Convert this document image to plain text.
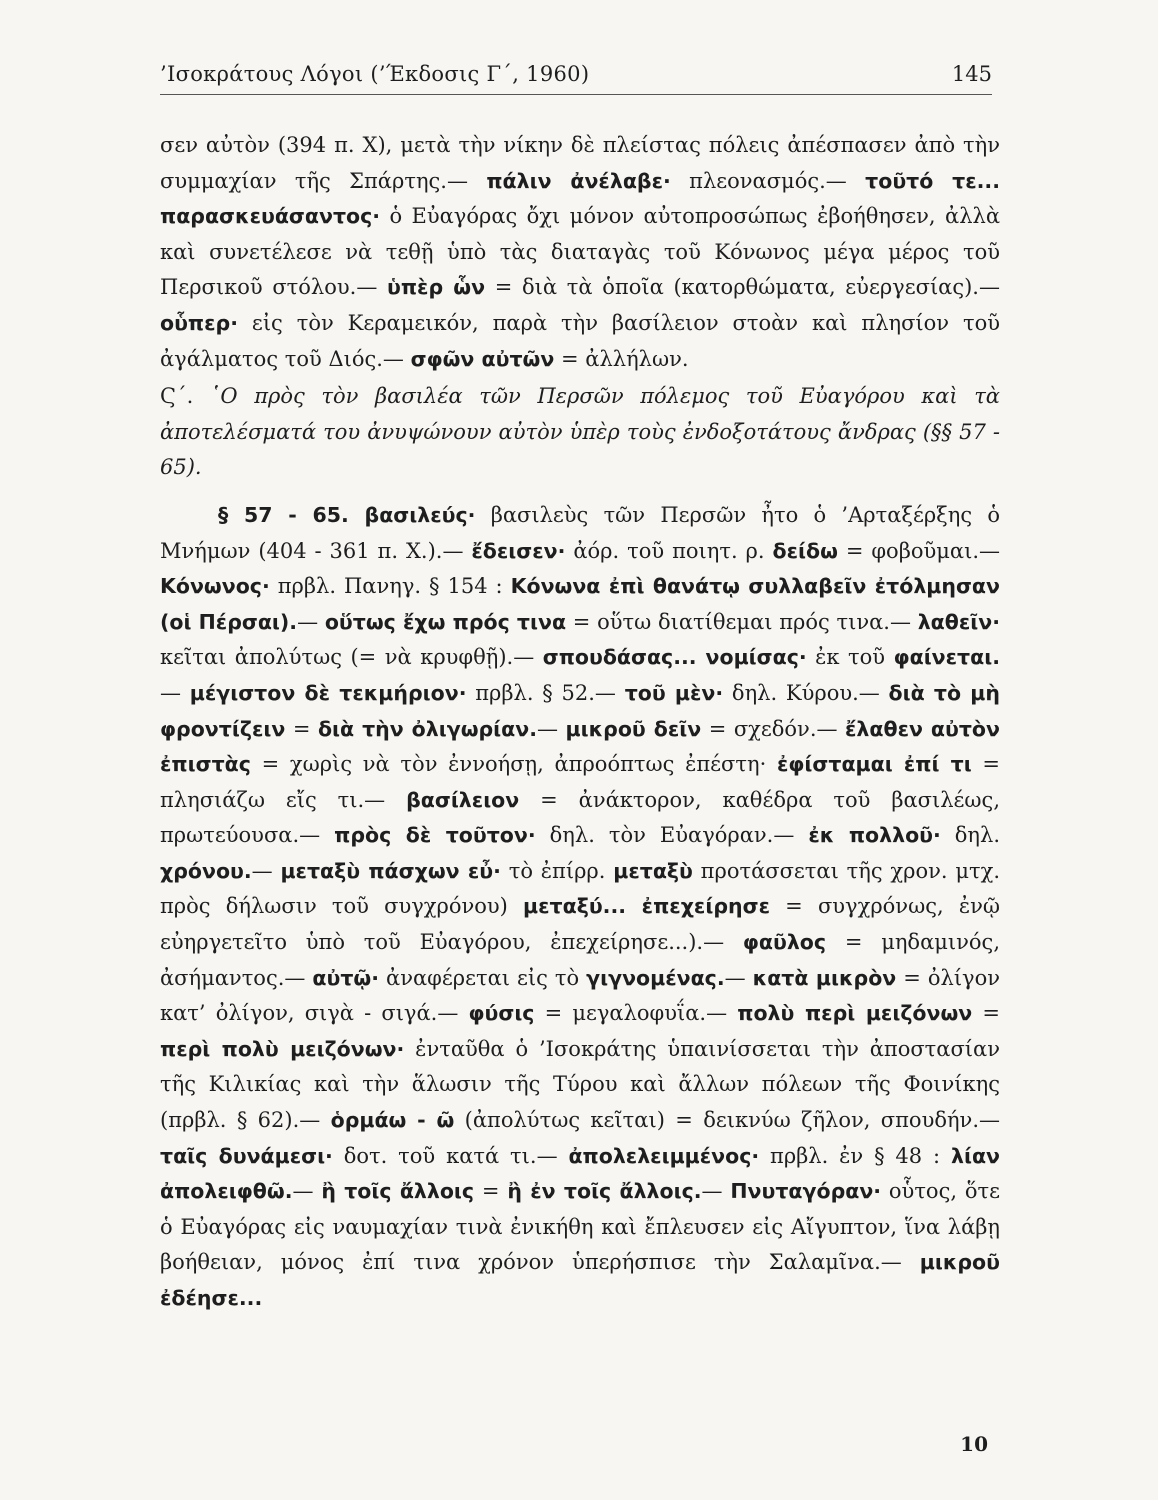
’Ισοκράτους Λόγοι (’Έκδοσις Γ΄, 1960)	145

σεν αὐτὸν (394 π. Χ), μετὰ τὴν νίκην δὲ πλείστας πόλεις ἀπέσπασεν ἀπὸ τὴν συμμαχίαν τῆς Σπάρτης.— πάλιν ἀνέλαβε· πλεονασμός.— τοῦτό τε... παρασκευάσαντος· ὁ Εὐαγόρας ὄχι μόνον αὐτοπροσώπως ἐβοήθησεν, ἀλλὰ καὶ συνετέλεσε νὰ τεθῇ ὑπὸ τὰς διαταγὰς τοῦ Κόνωνος μέγα μέρος τοῦ Περσικοῦ στόλου.— ὑπὲρ ὧν = διὰ τὰ ὁποῖα (κατορθώματα, εὐεργεσίας).— οὗπερ· εἰς τὸν Κεραμεικόν, παρὰ τὴν βασίλειον στοὰν καὶ πλησίον τοῦ ἀγάλματος τοῦ Διός.— σφῶν αὐτῶν = ἀλλήλων.

Ϛ΄. ῾Ο πρὸς τὸν βασιλέα τῶν Περσῶν πόλεμος τοῦ Εὐαγόρου καὶ τὰ ἀποτελέσματά του ἀνυψώνουν αὐτὸν ὑπὲρ τοὺς ἐνδοξοτάτους ἄνδρας (§§ 57 - 65).

§ 57 - 65. βασιλεύς· βασιλεὺς τῶν Περσῶν ἦτο ὁ ’Αρταξέρξης ὁ Μνήμων (404 - 361 π. Χ.).— ἔδεισεν· ἀόρ. τοῦ ποιητ. ρ. δείδω = φοβοῦμαι.— Κόνωνος· πρβλ. Πανηγ. § 154 : Κόνωνα ἐπὶ θανάτῳ συλλαβεῖν ἐτόλμησαν (οἱ Πέρσαι).— οὕτως ἔχω πρός τινα = οὕτω διατίθεμαι πρός τινα.— λαθεῖν· κεῖται ἀπολύτως (= νὰ κρυφθῇ).— σπουδάσας... νομίσας· ἐκ τοῦ φαίνεται.— μέγιστον δὲ τεκμήριον· πρβλ. § 52.— τοῦ μὲν· δηλ. Κύρου.— διὰ τὸ μὴ φροντίζειν = διὰ τὴν ὀλιγωρίαν.— μικροῦ δεῖν = σχεδόν.— ἔλαθεν αὐτὸν ἐπιστὰς = χωρὶς νὰ τὸν ἐννοήσῃ, ἀπροόπτως ἐπέστη· ἐφίσταμαι ἐπί τι = πλησιάζω εἴς τι.— βασίλειον = ἀνάκτορον, καθέδρα τοῦ βασιλέως, πρωτεύουσα.— πρὸς δὲ τοῦτον· δηλ. τὸν Εὐαγόραν.— ἐκ πολλοῦ· δηλ. χρόνου.— μεταξὺ πάσχων εὖ· τὸ ἐπίρρ. μεταξὺ προτάσσεται τῆς χρον. μτχ. πρὸς δήλωσιν τοῦ συγχρόνου) μεταξύ... ἐπεχείρησε = συγχρόνως, ἐνῷ εὐηργετεῖτο ὑπὸ τοῦ Εὐαγόρου, ἐπεχείρησε...).— φαῦλος = μηδαμινός, ἀσήμαντος.— αὐτῷ· ἀναφέρεται εἰς τὸ γιγνομένας.— κατὰ μικρὸν = ὀλίγον κατ’ ὀλίγον, σιγὰ - σιγά.— φύσις = μεγαλοφυΐα.— πολὺ περὶ μειζόνων = περὶ πολὺ μειζόνων· ἐνταῦθα ὁ ’Ισοκράτης ὑπαινίσσεται τὴν ἀποστασίαν τῆς Κιλικίας καὶ τὴν ἅλωσιν τῆς Τύρου καὶ ἄλλων πόλεων τῆς Φοινίκης (πρβλ. § 62).— ὁρμάω - ῶ (ἀπολύτως κεῖται) = δεικνύω ζῆλον, σπουδήν.— ταῖς δυνάμεσι· δοτ. τοῦ κατά τι.— ἀπολελειμμένος· πρβλ. ἐν § 48 : λίαν ἀπολειφθῶ.— ἢ τοῖς ἄλλοις = ἢ ἐν τοῖς ἄλλοις.— Πνυταγόραν· οὗτος, ὅτε ὁ Εὐαγόρας εἰς ναυμαχίαν τινὰ ἐνικήθη καὶ ἔπλευσεν εἰς Αἴγυπτον, ἵνα λάβῃ βοήθειαν, μόνος ἐπί τινα χρόνον ὑπερήσπισε τὴν Σαλαμῖνα.— μικροῦ ἐδέησε...

10
